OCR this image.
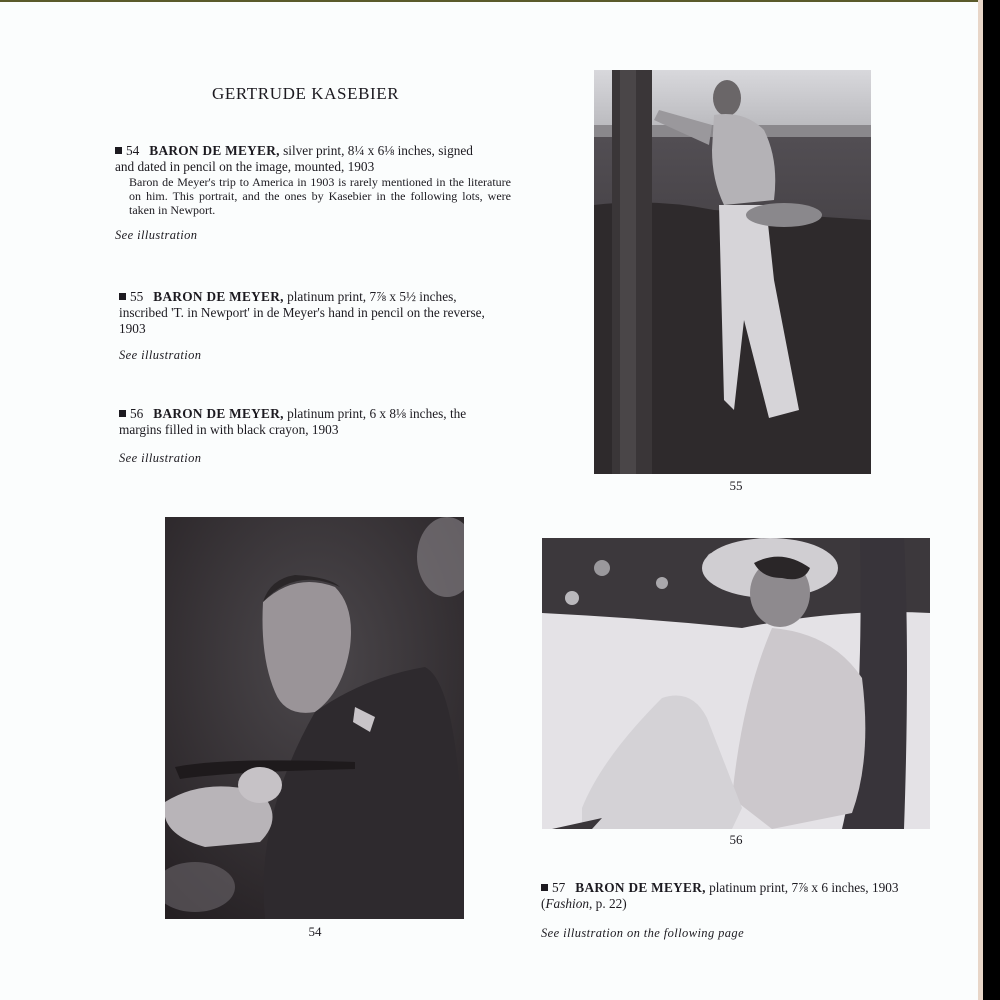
GERTRUDE KASEBIER
54 BARON DE MEYER, silver print, 8¼ x 6⅛ inches, signed
and dated in pencil on the image, mounted, 1903
Baron de Meyer's trip to America in 1903 is rarely mentioned in the literature on him. This portrait, and the ones by Kasebier in the following lots, were taken in Newport.
See illustration
55 BARON DE MEYER, platinum print, 7⅞ x 5½ inches,
inscribed 'T. in Newport' in de Meyer's hand in pencil on the reverse,
1903
See illustration
56 BARON DE MEYER, platinum print, 6 x 8⅛ inches, the
margins filled in with black crayon, 1903
See illustration
57 BARON DE MEYER, platinum print, 7⅞ x 6 inches, 1903
(Fashion, p. 22)
See illustration on the following page
55
54
56
